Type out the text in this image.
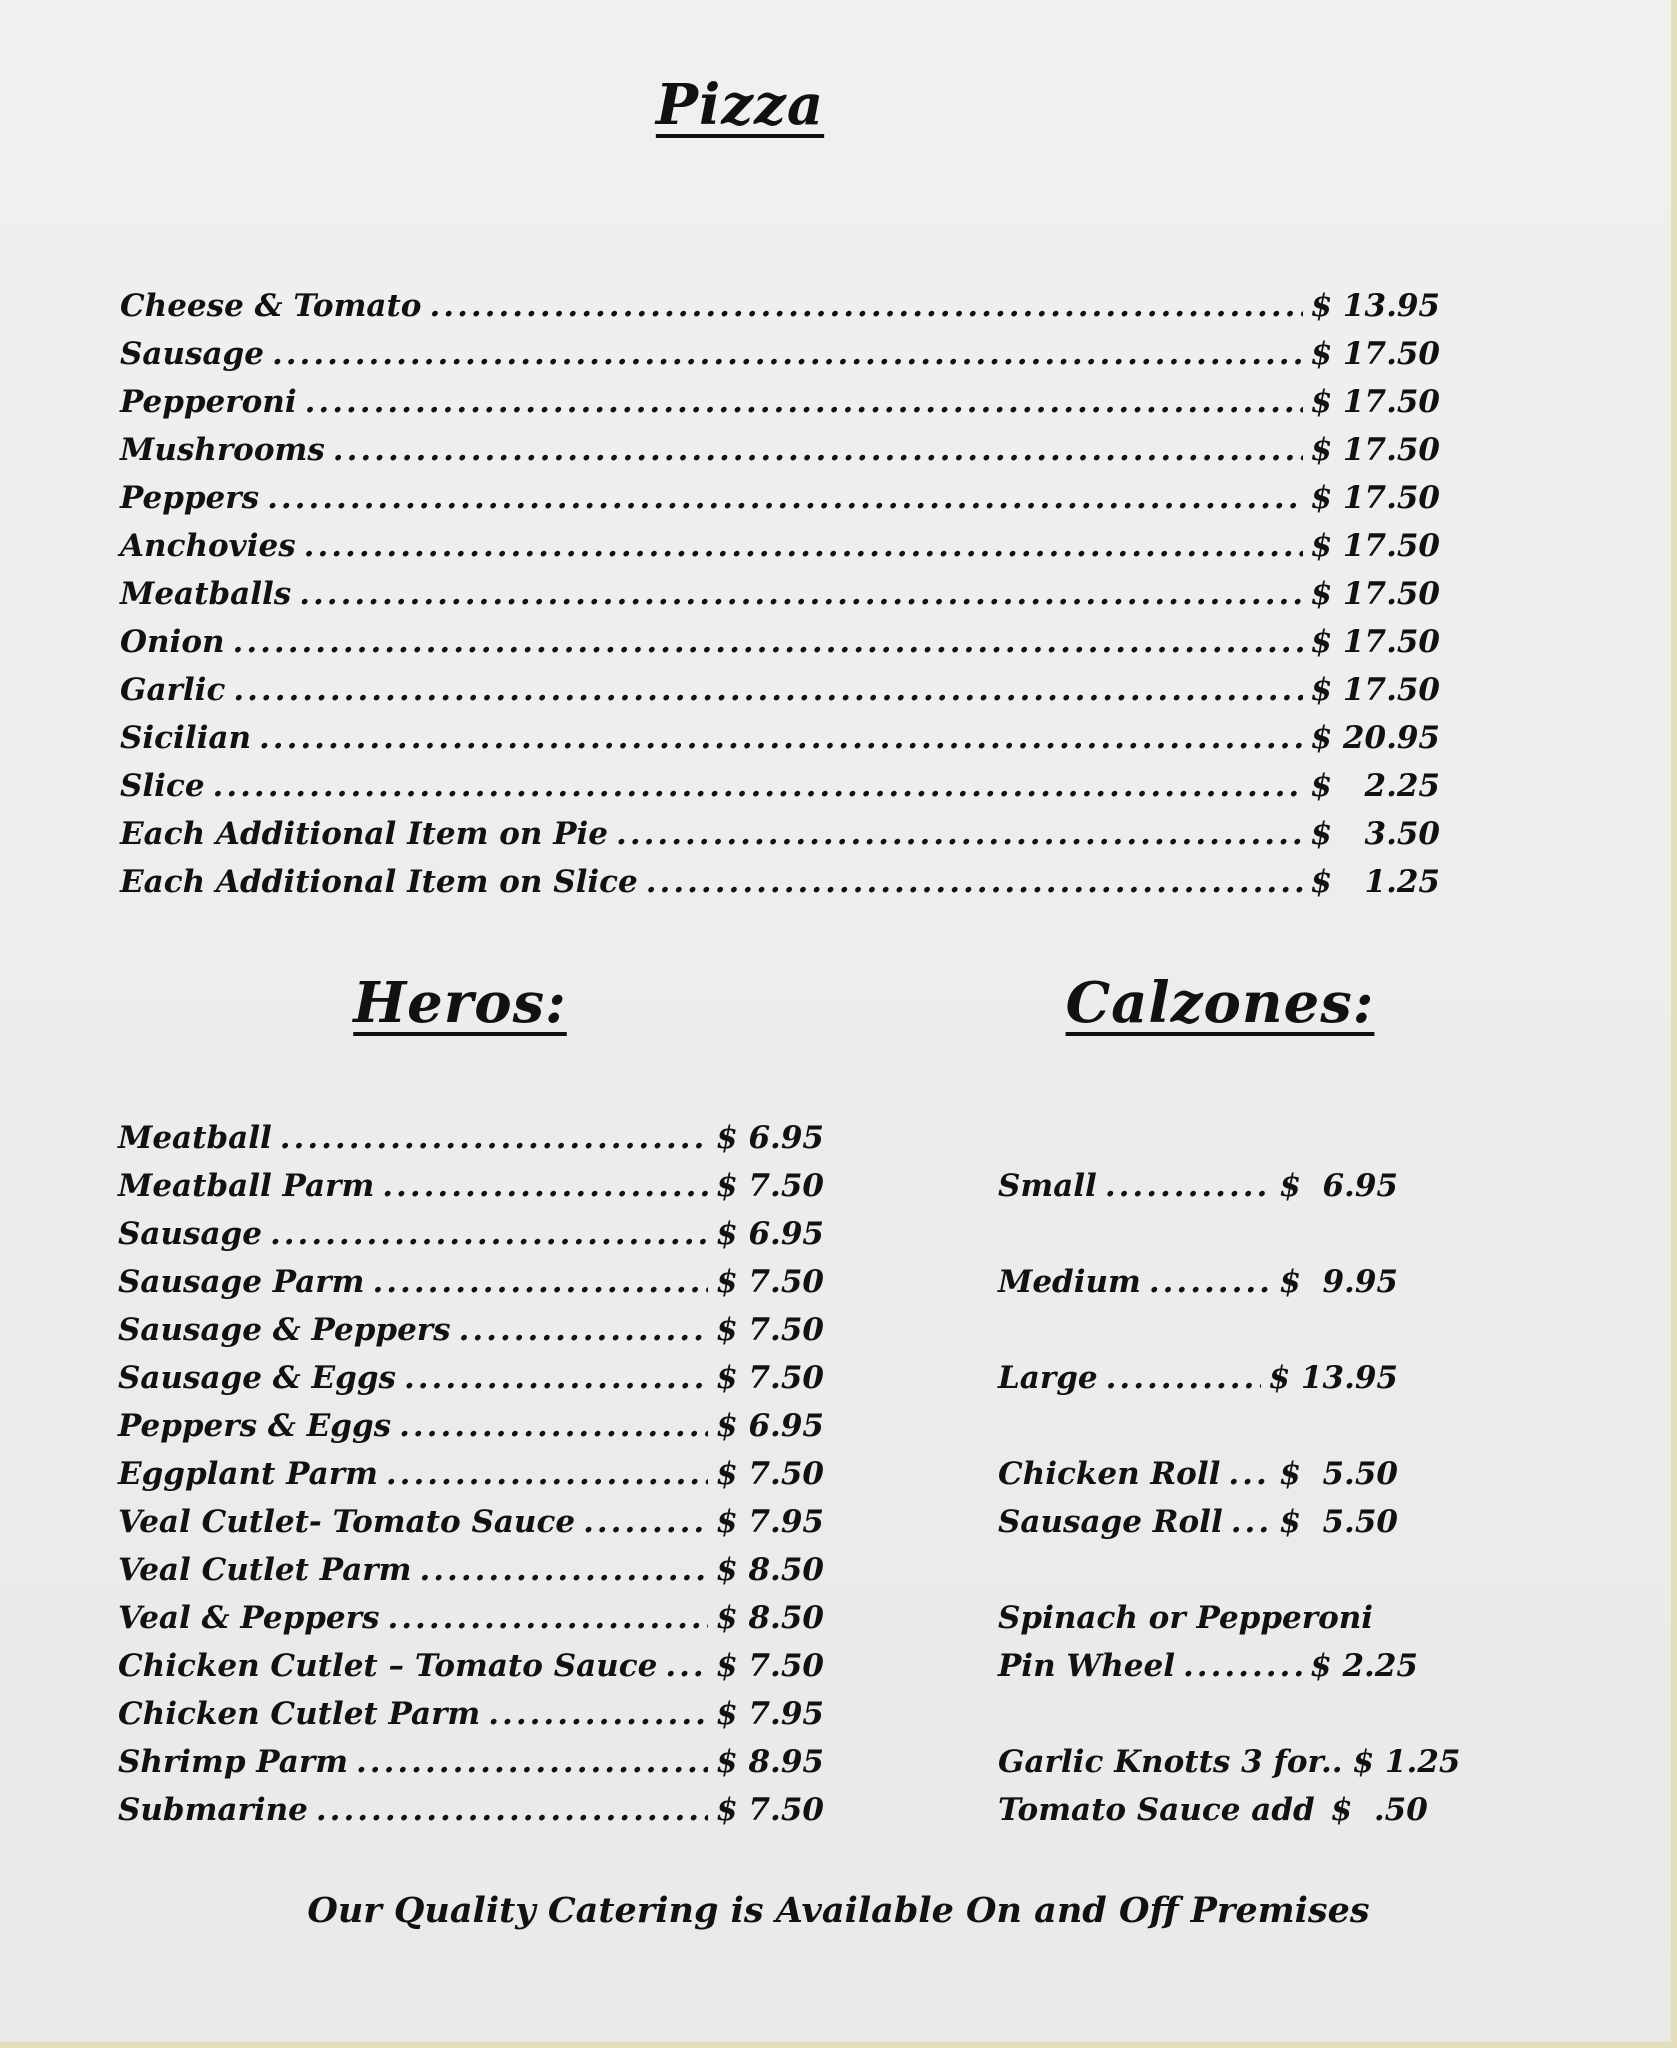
Pizza
Cheese & Tomato .....	$ 13.95
Sausage .....	$ 17.50
Pepperoni .....	$ 17.50
Mushrooms .....	$ 17.50
Peppers .....	$ 17.50
Anchovies .....	$ 17.50
Meatballs .....	$ 17.50
Onion .....	$ 17.50
Garlic .....	$ 17.50
Sicilian .....	$ 20.95
Slice .....	$   2.25
Each Additional Item on Pie .....	$   3.50
Each Additional Item on Slice .....	$   1.25
Heros:
Meatball .....	$ 6.95
Meatball Parm .....	$ 7.50
Sausage .....	$ 6.95
Sausage Parm .....	$ 7.50
Sausage & Peppers .....	$ 7.50
Sausage & Eggs .....	$ 7.50
Peppers & Eggs .....	$ 6.95
Eggplant Parm .....	$ 7.50
Veal Cutlet- Tomato Sauce .....	$ 7.95
Veal Cutlet Parm .....	$ 8.50
Veal & Peppers .....	$ 8.50
Chicken Cutlet – Tomato Sauce ..... $ 7.50
Chicken Cutlet Parm .....	$ 7.95
Shrimp Parm .....	$ 8.95
Submarine .....	$ 7.50
Calzones:
Small .....	$  6.95
Medium .....	$  9.95
Large .....	$ 13.95
Chicken Roll ..... $  5.50
Sausage Roll ..... $  5.50
Spinach or Pepperoni
Pin Wheel .....	$ 2.25
Garlic Knotts 3 for.. $ 1.25
Tomato Sauce add $  .50
Our Quality Catering is Available On and Off Premises
